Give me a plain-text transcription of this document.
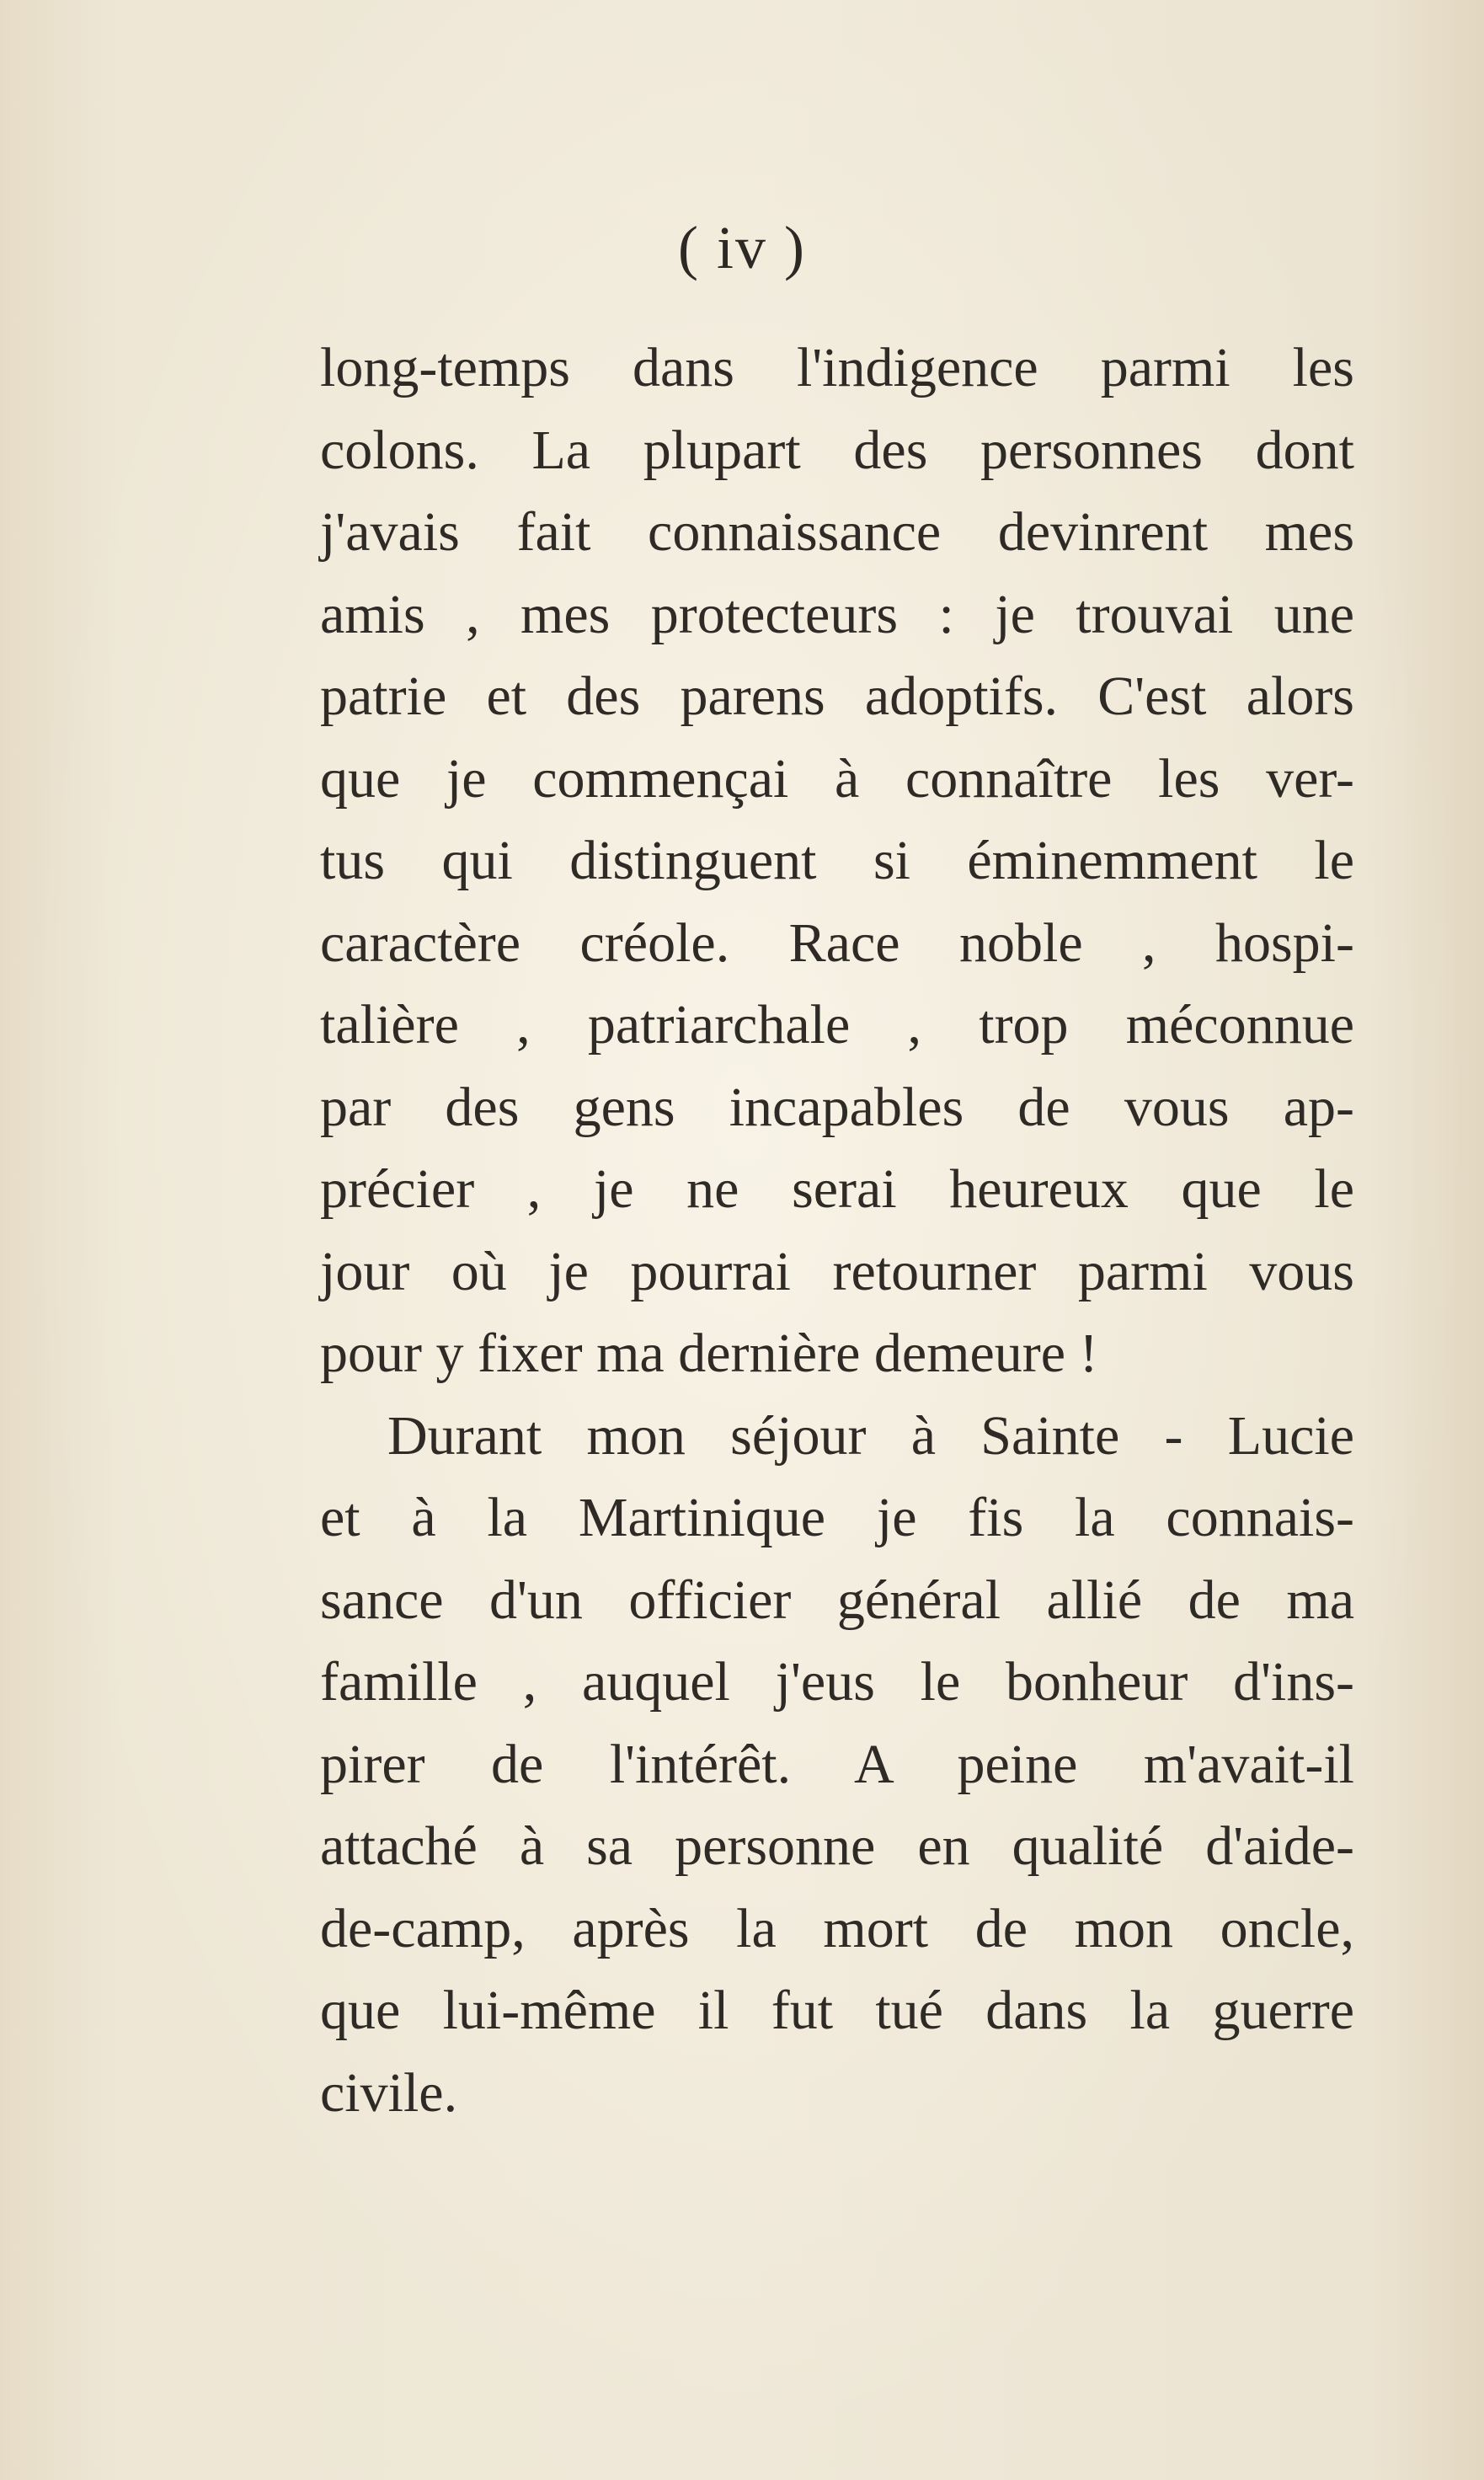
( iv )
long-temps dans l'indigence parmi les
colons. La plupart des personnes dont
j'avais fait connaissance devinrent mes
amis , mes protecteurs : je trouvai une
patrie et des parens adoptifs. C'est alors
que je commençai à connaître les ver-
tus qui distinguent si éminemment le
caractère créole. Race noble , hospi-
talière , patriarchale , trop méconnue
par des gens incapables de vous ap-
précier , je ne serai heureux que le
jour où je pourrai retourner parmi vous
pour y fixer ma dernière demeure !
Durant mon séjour à Sainte - Lucie
et à la Martinique je fis la connais-
sance d'un officier général allié de ma
famille , auquel j'eus le bonheur d'ins-
pirer de l'intérêt. A peine m'avait-il
attaché à sa personne en qualité d'aide-
de-camp, après la mort de mon oncle,
que lui-même il fut tué dans la guerre
civile.
